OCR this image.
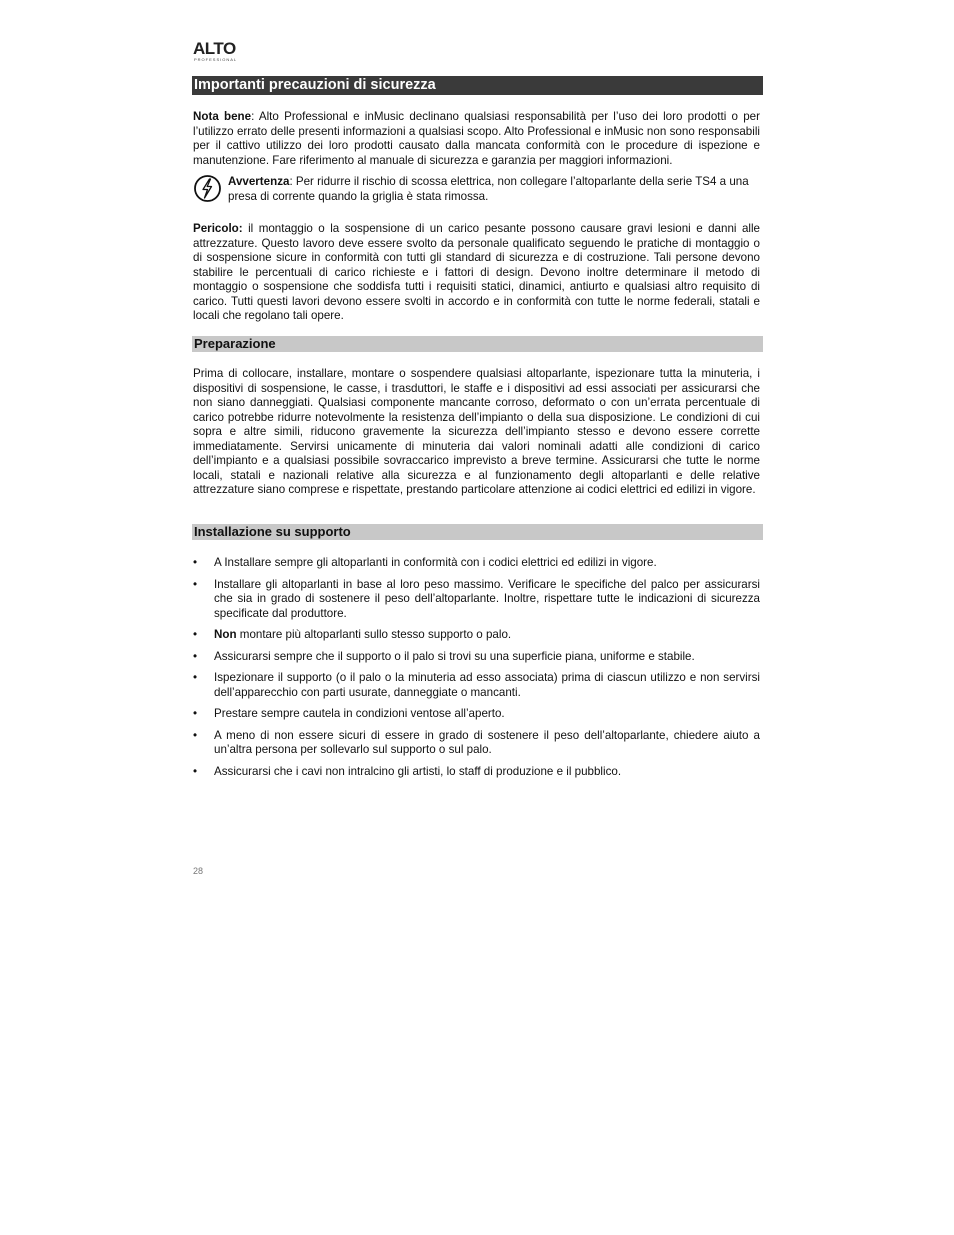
ALTO
PROFESSIONAL
Importanti precauzioni di sicurezza

Nota bene: Alto Professional e inMusic declinano qualsiasi responsabilità per l’uso dei loro prodotti o per l’utilizzo errato delle presenti informazioni a qualsiasi scopo. Alto Professional e inMusic non sono responsabili per il cattivo utilizzo dei loro prodotti causato dalla mancata conformità con le procedure di ispezione e manutenzione. Fare riferimento al manuale di sicurezza e garanzia per maggiori informazioni.

Avvertenza: Per ridurre il rischio di scossa elettrica, non collegare l’altoparlante della serie TS4 a una presa di corrente quando la griglia è stata rimossa.

Pericolo: il montaggio o la sospensione di un carico pesante possono causare gravi lesioni e danni alle attrezzature. Questo lavoro deve essere svolto da personale qualificato seguendo le pratiche di montaggio o di sospensione sicure in conformità con tutti gli standard di sicurezza e di costruzione. Tali persone devono stabilire le percentuali di carico richieste e i fattori di design. Devono inoltre determinare il metodo di montaggio o sospensione che soddisfa tutti i requisiti statici, dinamici, antiurto e qualsiasi altro requisito di carico. Tutti questi lavori devono essere svolti in accordo e in conformità con tutte le norme federali, statali e locali che regolano tali opere.

Preparazione

Prima di collocare, installare, montare o sospendere qualsiasi altoparlante, ispezionare tutta la minuteria, i dispositivi di sospensione, le casse, i trasduttori, le staffe e i dispositivi ad essi associati per assicurarsi che non siano danneggiati. Qualsiasi componente mancante corroso, deformato o con un’errata percentuale di carico potrebbe ridurre notevolmente la resistenza dell’impianto o della sua disposizione. Le condizioni di cui sopra e altre simili, riducono gravemente la sicurezza dell’impianto stesso e devono essere corrette immediatamente. Servirsi unicamente di minuteria dai valori nominali adatti alle condizioni di carico dell’impianto e a qualsiasi possibile sovraccarico imprevisto a breve termine. Assicurarsi che tutte le norme locali, statali e nazionali relative alla sicurezza e al funzionamento degli altoparlanti e delle relative attrezzature siano comprese e rispettate, prestando particolare attenzione ai codici elettrici ed edilizi in vigore.

Installazione su supporto
• A Installare sempre gli altoparlanti in conformità con i codici elettrici ed edilizi in vigore.
• Installare gli altoparlanti in base al loro peso massimo. Verificare le specifiche del palco per assicurarsi che sia in grado di sostenere il peso dell’altoparlante. Inoltre, rispettare tutte le indicazioni di sicurezza specificate dal produttore.
• Non montare più altoparlanti sullo stesso supporto o palo.
• Assicurarsi sempre che il supporto o il palo si trovi su una superficie piana, uniforme e stabile.
• Ispezionare il supporto (o il palo o la minuteria ad esso associata) prima di ciascun utilizzo e non servirsi dell’apparecchio con parti usurate, danneggiate o mancanti.
• Prestare sempre cautela in condizioni ventose all’aperto.
• A meno di non essere sicuri di essere in grado di sostenere il peso dell’altoparlante, chiedere aiuto a un’altra persona per sollevarlo sul supporto o sul palo.
• Assicurarsi che i cavi non intralcino gli artisti, lo staff di produzione e il pubblico.
28
